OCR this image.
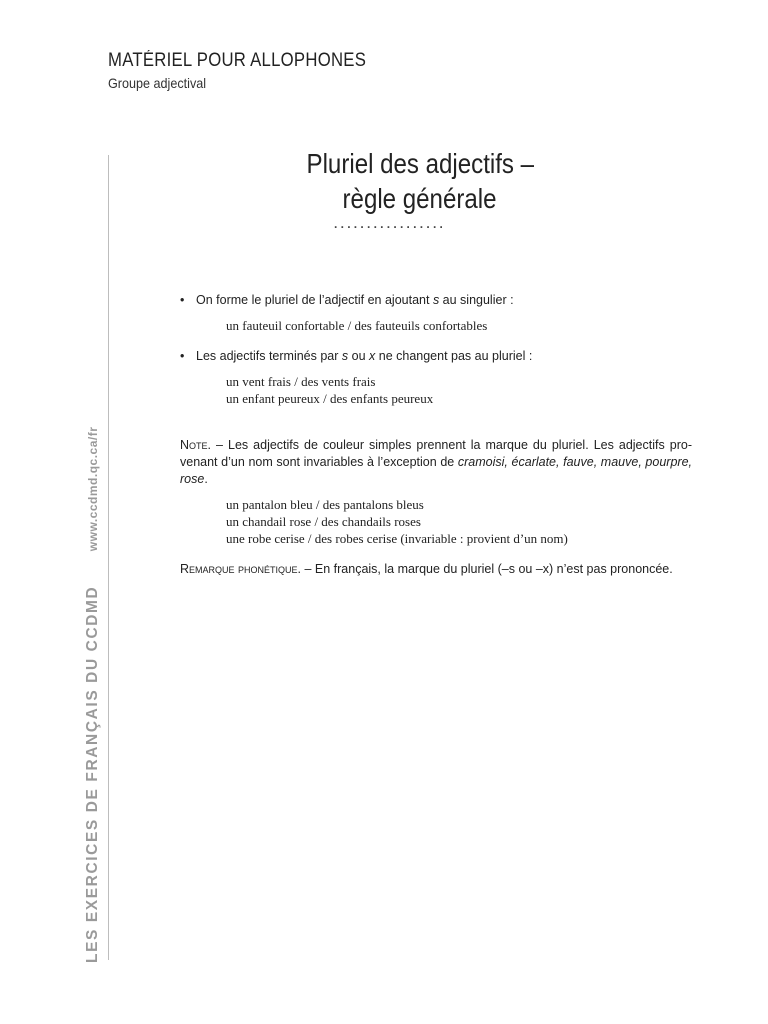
MATÉRIEL POUR ALLOPHONES
Groupe adjectival
LES EXERCICES DE FRANÇAIS DU CCDMD www.ccdmd.qc.ca/fr
Pluriel des adjectifs –
règle générale
·················
• On forme le pluriel de l’adjectif en ajoutant s au singulier :
un fauteuil confortable / des fauteuils confortables
• Les adjectifs terminés par s ou x ne changent pas au pluriel :
un vent frais / des vents frais
un enfant peureux / des enfants peureux
Note. – Les adjectifs de couleur simples prennent la marque du pluriel. Les adjectifs provenant d’un nom sont invariables à l’exception de cramoisi, écarlate, fauve, mauve, pourpre, rose.
un pantalon bleu / des pantalons bleus
un chandail rose / des chandails roses
une robe cerise / des robes cerise (invariable : provient d’un nom)
Remarque phonétique. – En français, la marque du pluriel (–s ou –x) n’est pas prononcée.
